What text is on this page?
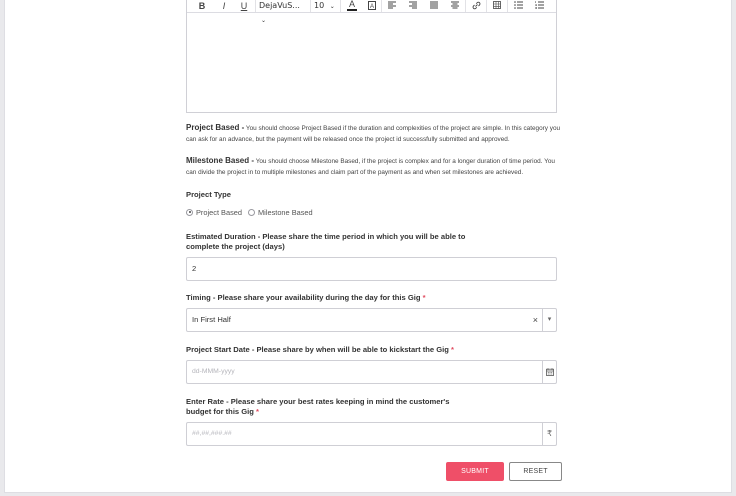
B	I	U DejaVuS... ⌄
10 ⌄	A	A
Project Based - You should choose Project Based if the duration and complexities of the project are simple. In this category you can ask for an advance, but the payment will be released once the project id successfully submitted and approved.
Milestone Based - You should choose Milestone Based, if the project is complex and for a longer duration of time period. You can divide the project in to multiple milestones and claim part of the payment as and when set milestones are achieved.
Project Type
Project Based Milestone Based
Estimated Duration - Please share the time period in which you will be able to
complete the project (days)
2
Timing - Please share your availability during the day for this Gig *
In First Half	×	▾
Project Start Date - Please share by when will be able to kickstart the Gig *
dd-MMM-yyyy
Enter Rate - Please share your best rates keeping in mind the customer's
budget for this Gig *
##,##,###.##	₹
SUBMIT	RESET
